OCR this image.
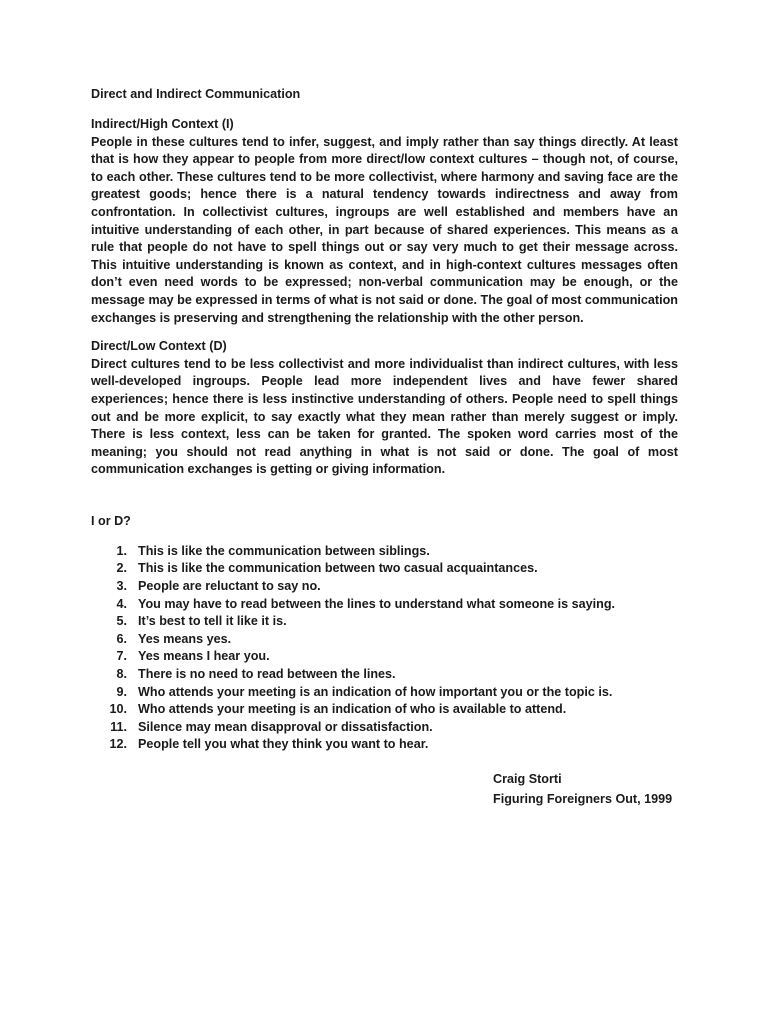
Direct and Indirect Communication
Indirect/High Context (I)

People in these cultures tend to infer, suggest, and imply rather than say things directly. At least that is how they appear to people from more direct/low context cultures – though not, of course, to each other. These cultures tend to be more collectivist, where harmony and saving face are the greatest goods; hence there is a natural tendency towards indirectness and away from confrontation. In collectivist cultures, ingroups are well established and members have an intuitive understanding of each other, in part because of shared experiences. This means as a rule that people do not have to spell things out or say very much to get their message across. This intuitive understanding is known as context, and in high-context cultures messages often don’t even need words to be expressed; non-verbal communication may be enough, or the message may be expressed in terms of what is not said or done. The goal of most communication exchanges is preserving and strengthening the relationship with the other person.

Direct/Low Context (D)

Direct cultures tend to be less collectivist and more individualist than indirect cultures, with less well-developed ingroups. People lead more independent lives and have fewer shared experiences; hence there is less instinctive understanding of others. People need to spell things out and be more explicit, to say exactly what they mean rather than merely suggest or imply. There is less context, less can be taken for granted. The spoken word carries most of the meaning; you should not read anything in what is not said or done. The goal of most communication exchanges is getting or giving information.

I or D?
1. This is like the communication between siblings.
2. This is like the communication between two casual acquaintances.
3. People are reluctant to say no.
4. You may have to read between the lines to understand what someone is saying.
5. It’s best to tell it like it is.
6. Yes means yes.
7. Yes means I hear you.
8. There is no need to read between the lines.
9. Who attends your meeting is an indication of how important you or the topic is.
10. Who attends your meeting is an indication of who is available to attend.
11. Silence may mean disapproval or dissatisfaction.
12. People tell you what they think you want to hear.
Craig Storti
Figuring Foreigners Out, 1999
